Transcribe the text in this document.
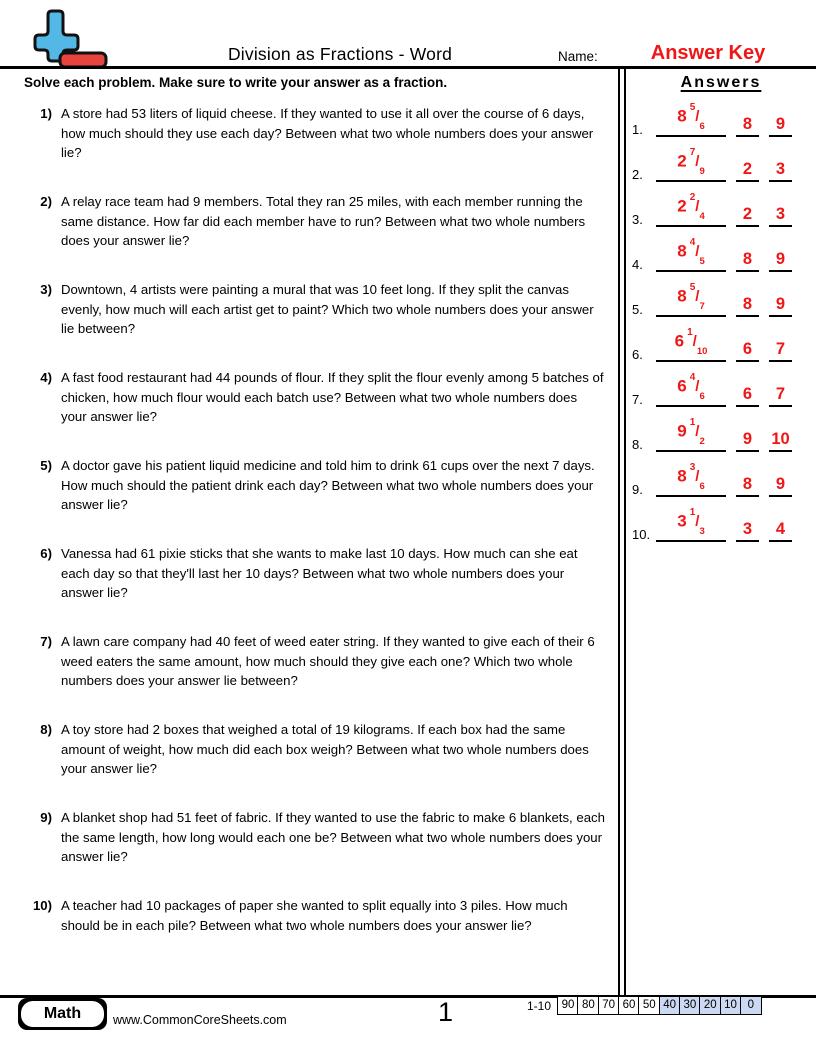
Division as Fractions - Word	Name:	Answer Key
Solve each problem. Make sure to write your answer as a fraction.
1) A store had 53 liters of liquid cheese. If they wanted to use it all over the course of 6 days, how much should they use each day? Between what two whole numbers does your answer lie?
2) A relay race team had 9 members. Total they ran 25 miles, with each member running the same distance. How far did each member have to run? Between what two whole numbers does your answer lie?
3) Downtown, 4 artists were painting a mural that was 10 feet long. If they split the canvas evenly, how much will each artist get to paint? Which two whole numbers does your answer lie between?
4) A fast food restaurant had 44 pounds of flour. If they split the flour evenly among 5 batches of chicken, how much flour would each batch use? Between what two whole numbers does your answer lie?
5) A doctor gave his patient liquid medicine and told him to drink 61 cups over the next 7 days. How much should the patient drink each day? Between what two whole numbers does your answer lie?
6) Vanessa had 61 pixie sticks that she wants to make last 10 days. How much can she eat each day so that they'll last her 10 days? Between what two whole numbers does your answer lie?
7) A lawn care company had 40 feet of weed eater string. If they wanted to give each of their 6 weed eaters the same amount, how much should they give each one? Which two whole numbers does your answer lie between?
8) A toy store had 2 boxes that weighed a total of 19 kilograms. If each box had the same amount of weight, how much did each box weigh? Between what two whole numbers does your answer lie?
9) A blanket shop had 51 feet of fabric. If they wanted to use the fabric to make 6 blankets, each the same length, how long would each one be? Between what two whole numbers does your answer lie?
10) A teacher had 10 packages of paper she wanted to split equally into 3 piles. How much should be in each pile? Between what two whole numbers does your answer lie?
Answers
1.
8 $^5/_6$ 8 9
2.
2 $^7/_9$ 2 3
3.
2 $^2/_4$ 2 3
4.
8 $^4/_5$ 8 9
5.
8 $^5/_7$ 8 9
6.
6 $^1/_{10}$ 6 7
7.
6 $^4/_6$ 6 7
8.
9 $^1/_2$ 9 10
9.
8 $^3/_6$ 8 9
10.
3 $^1/_3$ 3 4
Math	www.CommonCoreSheets.com	1	1-10 90 80 70 60 50 40 30 20 10 0
